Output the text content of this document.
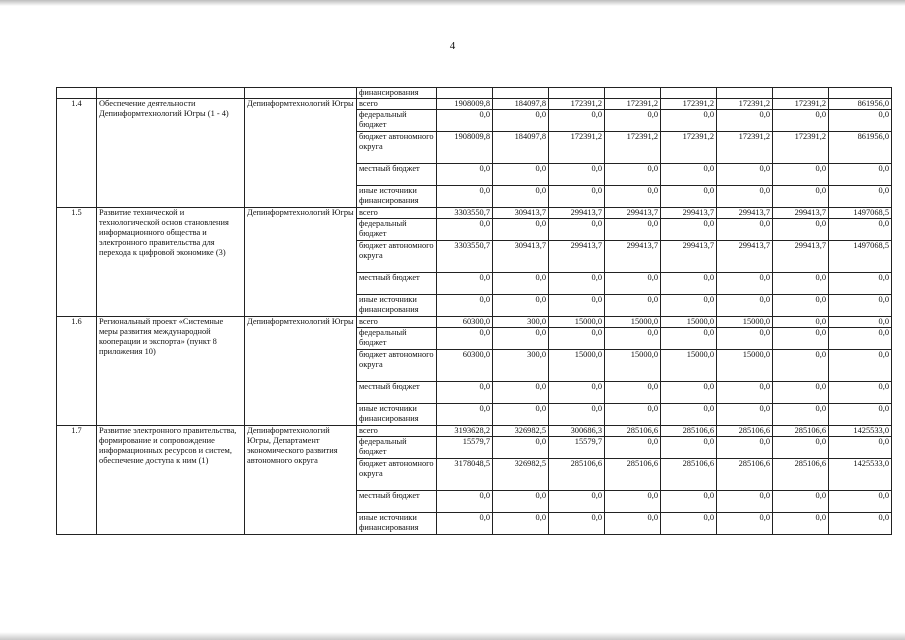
4
			финансирования								
1.4	Обеспечение деятельности Депинформтехнологий Югры (1 - 4)	Депинформтехнологий Югры	всего	1908009,8	184097,8	172391,2	172391,2	172391,2	172391,2	172391,2	861956,0
			федеральный бюджет	0,0	0,0	0,0	0,0	0,0	0,0	0,0	0,0
			бюджет автономного округа	1908009,8	184097,8	172391,2	172391,2	172391,2	172391,2	172391,2	861956,0
			местный бюджет	0,0	0,0	0,0	0,0	0,0	0,0	0,0	0,0
			иные источники финансирования	0,0	0,0	0,0	0,0	0,0	0,0	0,0	0,0
1.5	Развитие технической и технологической основ становления информационного общества и электронного правительства для перехода к цифровой экономике (3)	Депинформтехнологий Югры	всего	3303550,7	309413,7	299413,7	299413,7	299413,7	299413,7	299413,7	1497068,5
			федеральный бюджет	0,0	0,0	0,0	0,0	0,0	0,0	0,0	0,0
			бюджет автономного округа	3303550,7	309413,7	299413,7	299413,7	299413,7	299413,7	299413,7	1497068,5
			местный бюджет	0,0	0,0	0,0	0,0	0,0	0,0	0,0	0,0
			иные источники финансирования	0,0	0,0	0,0	0,0	0,0	0,0	0,0	0,0
1.6	Региональный проект «Системные меры развития международной кооперации и экспорта» (пункт 8 приложения 10)	Депинформтехнологий Югры	всего	60300,0	300,0	15000,0	15000,0	15000,0	15000,0	0,0	0,0
			федеральный бюджет	0,0	0,0	0,0	0,0	0,0	0,0	0,0	0,0
			бюджет автономного округа	60300,0	300,0	15000,0	15000,0	15000,0	15000,0	0,0	0,0
			местный бюджет	0,0	0,0	0,0	0,0	0,0	0,0	0,0	0,0
			иные источники финансирования	0,0	0,0	0,0	0,0	0,0	0,0	0,0	0,0
1.7	Развитие электронного правительства, формирование и сопровождение информационных ресурсов и систем, обеспечение доступа к ним (1)	Депинформтехнологий Югры, Департамент экономического развития автономного округа	всего	3193628,2	326982,5	300686,3	285106,6	285106,6	285106,6	285106,6	1425533,0
			федеральный бюджет	15579,7	0,0	15579,7	0,0	0,0	0,0	0,0	0,0
			бюджет автономного округа	3178048,5	326982,5	285106,6	285106,6	285106,6	285106,6	285106,6	1425533,0
			местный бюджет	0,0	0,0	0,0	0,0	0,0	0,0	0,0	0,0
			иные источники финансирования	0,0	0,0	0,0	0,0	0,0	0,0	0,0	0,0
